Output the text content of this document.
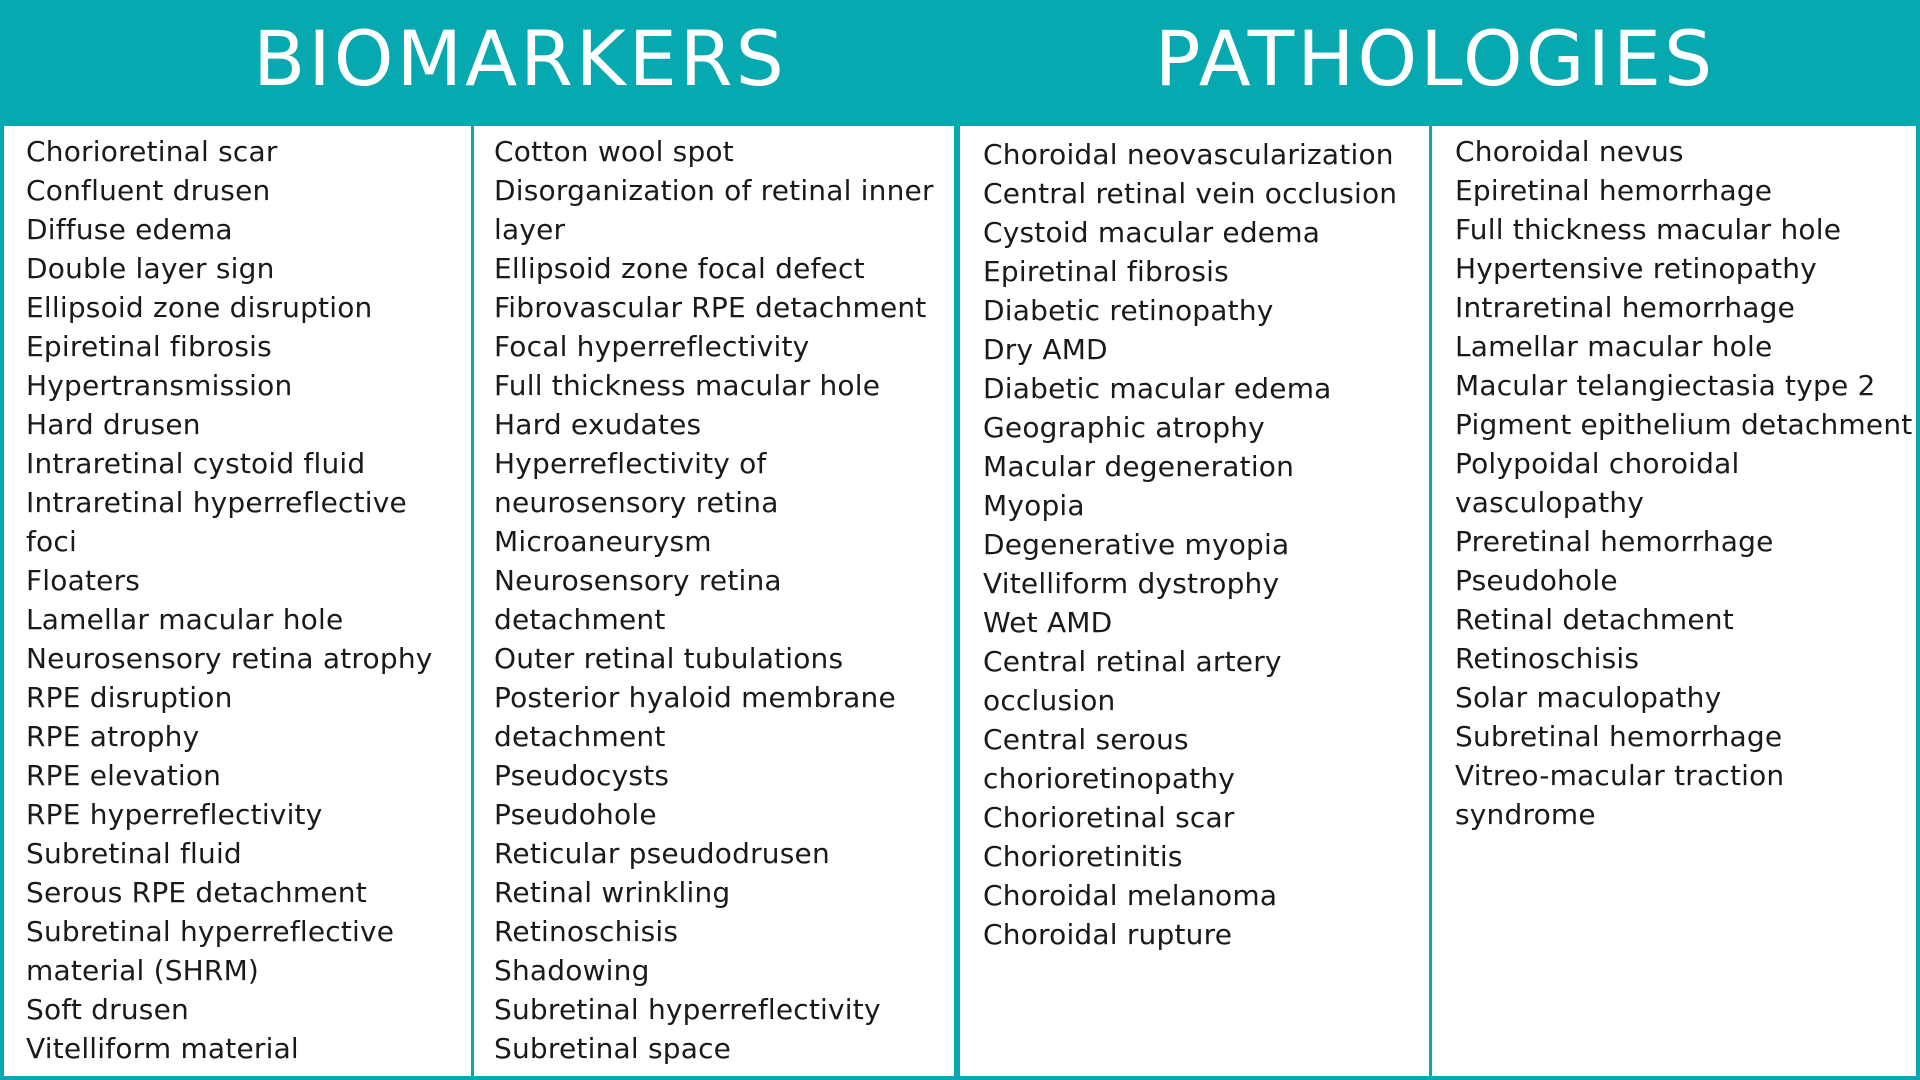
BIOMARKERS	PATHOLOGIES
Chorioretinal scar
Confluent drusen
Diffuse edema
Double layer sign
Ellipsoid zone disruption
Epiretinal fibrosis
Hypertransmission
Hard drusen
Intraretinal cystoid fluid
Intraretinal hyperreflective foci
Floaters
Lamellar macular hole
Neurosensory retina atrophy
RPE disruption
RPE atrophy
RPE elevation
RPE hyperreflectivity
Subretinal fluid
Serous RPE detachment
Subretinal hyperreflective material (SHRM)
Soft drusen
Vitelliform material
Cotton wool spot
Disorganization of retinal inner layer
Ellipsoid zone focal defect
Fibrovascular RPE detachment
Focal hyperreflectivity
Full thickness macular hole
Hard exudates
Hyperreflectivity of neurosensory retina
Microaneurysm
Neurosensory retina detachment
Outer retinal tubulations
Posterior hyaloid membrane detachment
Pseudocysts
Pseudohole
Reticular pseudodrusen
Retinal wrinkling
Retinoschisis
Shadowing
Subretinal hyperreflectivity
Subretinal space
Choroidal neovascularization
Central retinal vein occlusion
Cystoid macular edema
Epiretinal fibrosis
Diabetic retinopathy
Dry AMD
Diabetic macular edema
Geographic atrophy
Macular degeneration
Myopia
Degenerative myopia
Vitelliform dystrophy
Wet AMD
Central retinal artery occlusion
Central serous chorioretinopathy
Chorioretinal scar
Chorioretinitis
Choroidal melanoma
Choroidal rupture
Choroidal nevus
Epiretinal hemorrhage
Full thickness macular hole
Hypertensive retinopathy
Intraretinal hemorrhage
Lamellar macular hole
Macular telangiectasia type 2
Pigment epithelium detachment
Polypoidal choroidal vasculopathy
Preretinal hemorrhage
Pseudohole
Retinal detachment
Retinoschisis
Solar maculopathy
Subretinal hemorrhage
Vitreo-macular traction syndrome
